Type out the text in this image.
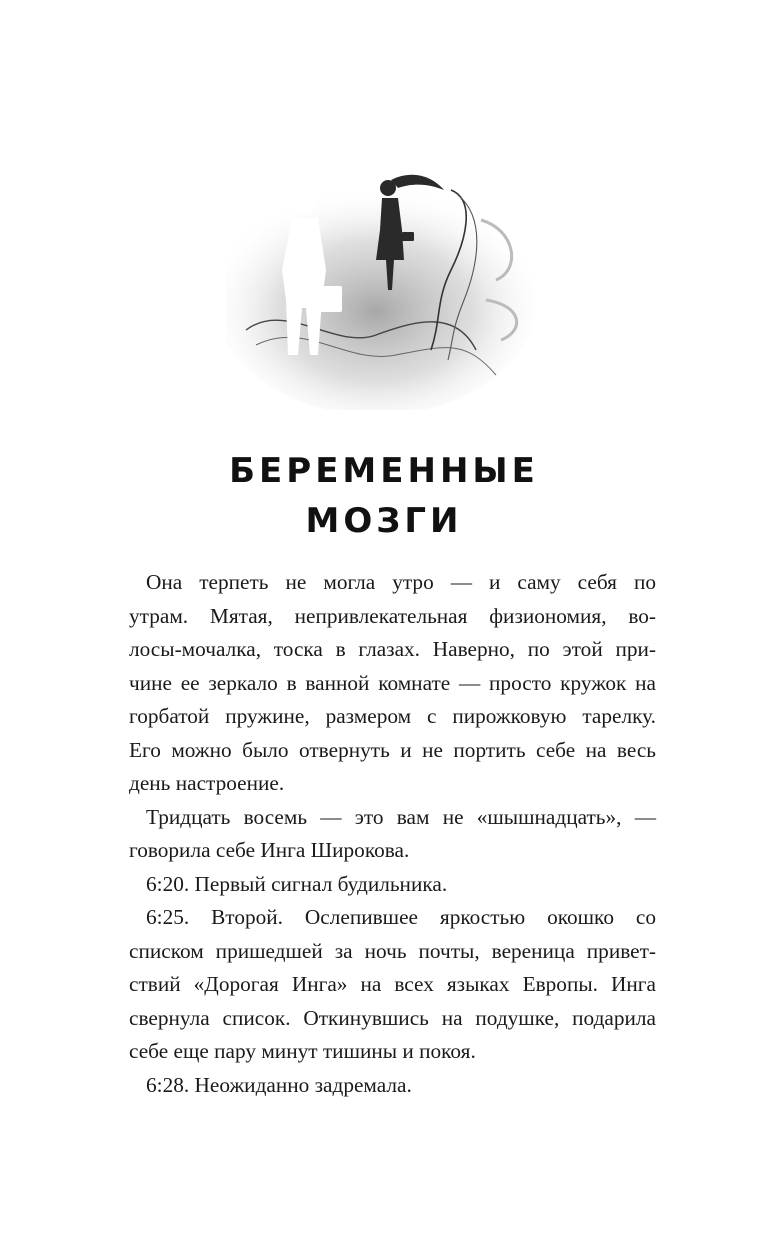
БЕРЕМЕННЫЕ
МОЗГИ

Она терпеть не могла утро — и саму себя по
утрам. Мятая, непривлекательная физиономия, во-
лосы-мочалка, тоска в глазах. Наверно, по этой при-
чине ее зеркало в ванной комнате — просто кружок на
горбатой пружине, размером с пирожковую тарелку.
Его можно было отвернуть и не портить себе на весь
день настроение.

Тридцать восемь — это вам не «шышнадцать», —
говорила себе Инга Широкова.

6:20. Первый сигнал будильника.

6:25. Второй. Ослепившее яркостью окошко со
списком пришедшей за ночь почты, вереница привет-
ствий «Дорогая Инга» на всех языках Европы. Инга
свернула список. Откинувшись на подушке, подарила
себе еще пару минут тишины и покоя.

6:28. Неожиданно задремала.
